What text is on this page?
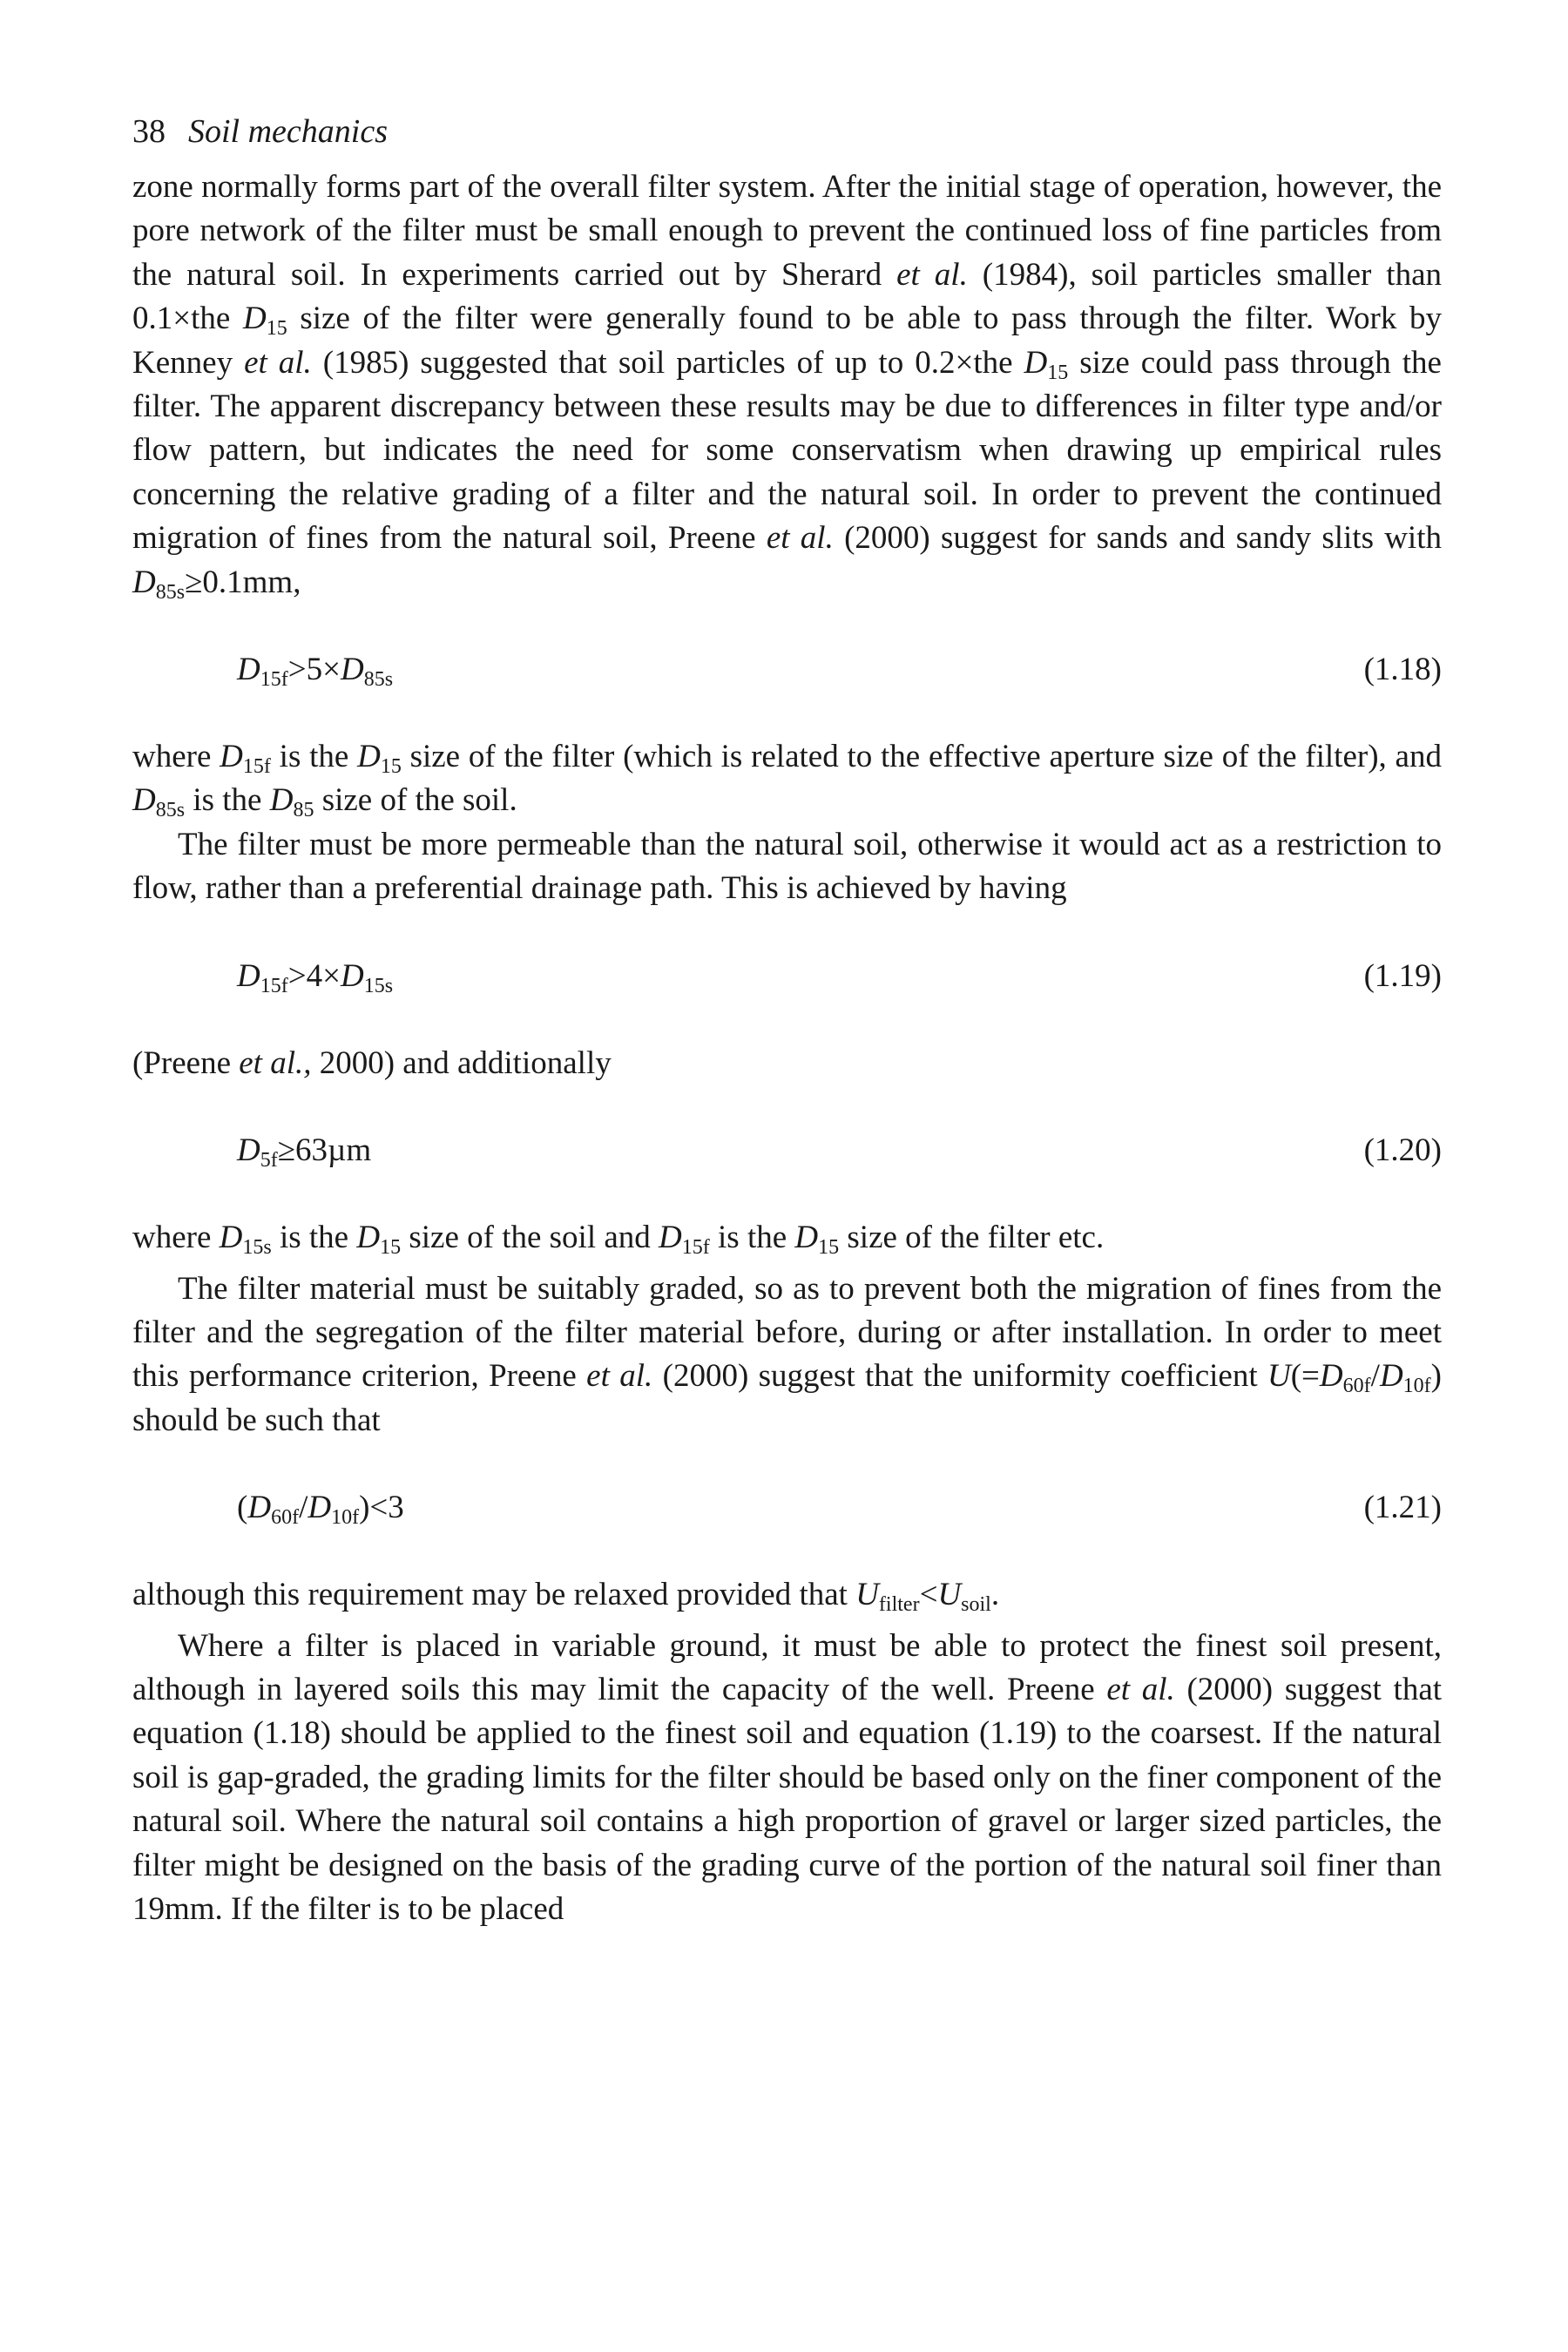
38 Soil mechanics

zone normally forms part of the overall filter system. After the initial stage of operation, however, the pore network of the filter must be small enough to prevent the continued loss of fine particles from the natural soil. In experiments carried out by Sherard et al. (1984), soil particles smaller than 0.1×the $D_{15}$ size of the filter were generally found to be able to pass through the filter. Work by Kenney et al. (1985) suggested that soil particles of up to 0.2×the $D_{15}$ size could pass through the filter. The apparent discrepancy between these results may be due to differences in filter type and/or flow pattern, but indicates the need for some conservatism when drawing up empirical rules concerning the relative grading of a filter and the natural soil. In order to prevent the continued migration of fines from the natural soil, Preene et al. (2000) suggest for sands and sandy slits with $D_{85s}\ge 0.1mm$,

$D_{15f}>5\times D_{85s}$	(1.18)

where $D_{15f}$ is the $D_{15}$ size of the filter (which is related to the effective aperture size of the filter), and $D_{85s}$ is the $D_{85}$ size of the soil.

The filter must be more permeable than the natural soil, otherwise it would act as a restriction to flow, rather than a preferential drainage path. This is achieved by having

$D_{15f}>4\times D_{15s}$	(1.19)

(Preene et al., 2000) and additionally

$D_{5f}\ge 63\mu m$	(1.20)

where $D_{15s}$ is the $D_{15}$ size of the soil and $D_{15f}$ is the $D_{15}$ size of the filter etc.

The filter material must be suitably graded, so as to prevent both the migration of fines from the filter and the segregation of the filter material before, during or after installation. In order to meet this performance criterion, Preene et al. (2000) suggest that the uniformity coefficient $U(=D_{60f}/D_{10f})$ should be such that

$(D_{60f}/D_{10f})<3$	(1.21)

although this requirement may be relaxed provided that $U_{filter}<U_{soil}$.

Where a filter is placed in variable ground, it must be able to protect the finest soil present, although in layered soils this may limit the capacity of the well. Preene et al. (2000) suggest that equation (1.18) should be applied to the finest soil and equation (1.19) to the coarsest. If the natural soil is gap-graded, the grading limits for the filter should be based only on the finer component of the natural soil. Where the natural soil contains a high proportion of gravel or larger sized particles, the filter might be designed on the basis of the grading curve of the portion of the natural soil finer than 19mm. If the filter is to be placed
